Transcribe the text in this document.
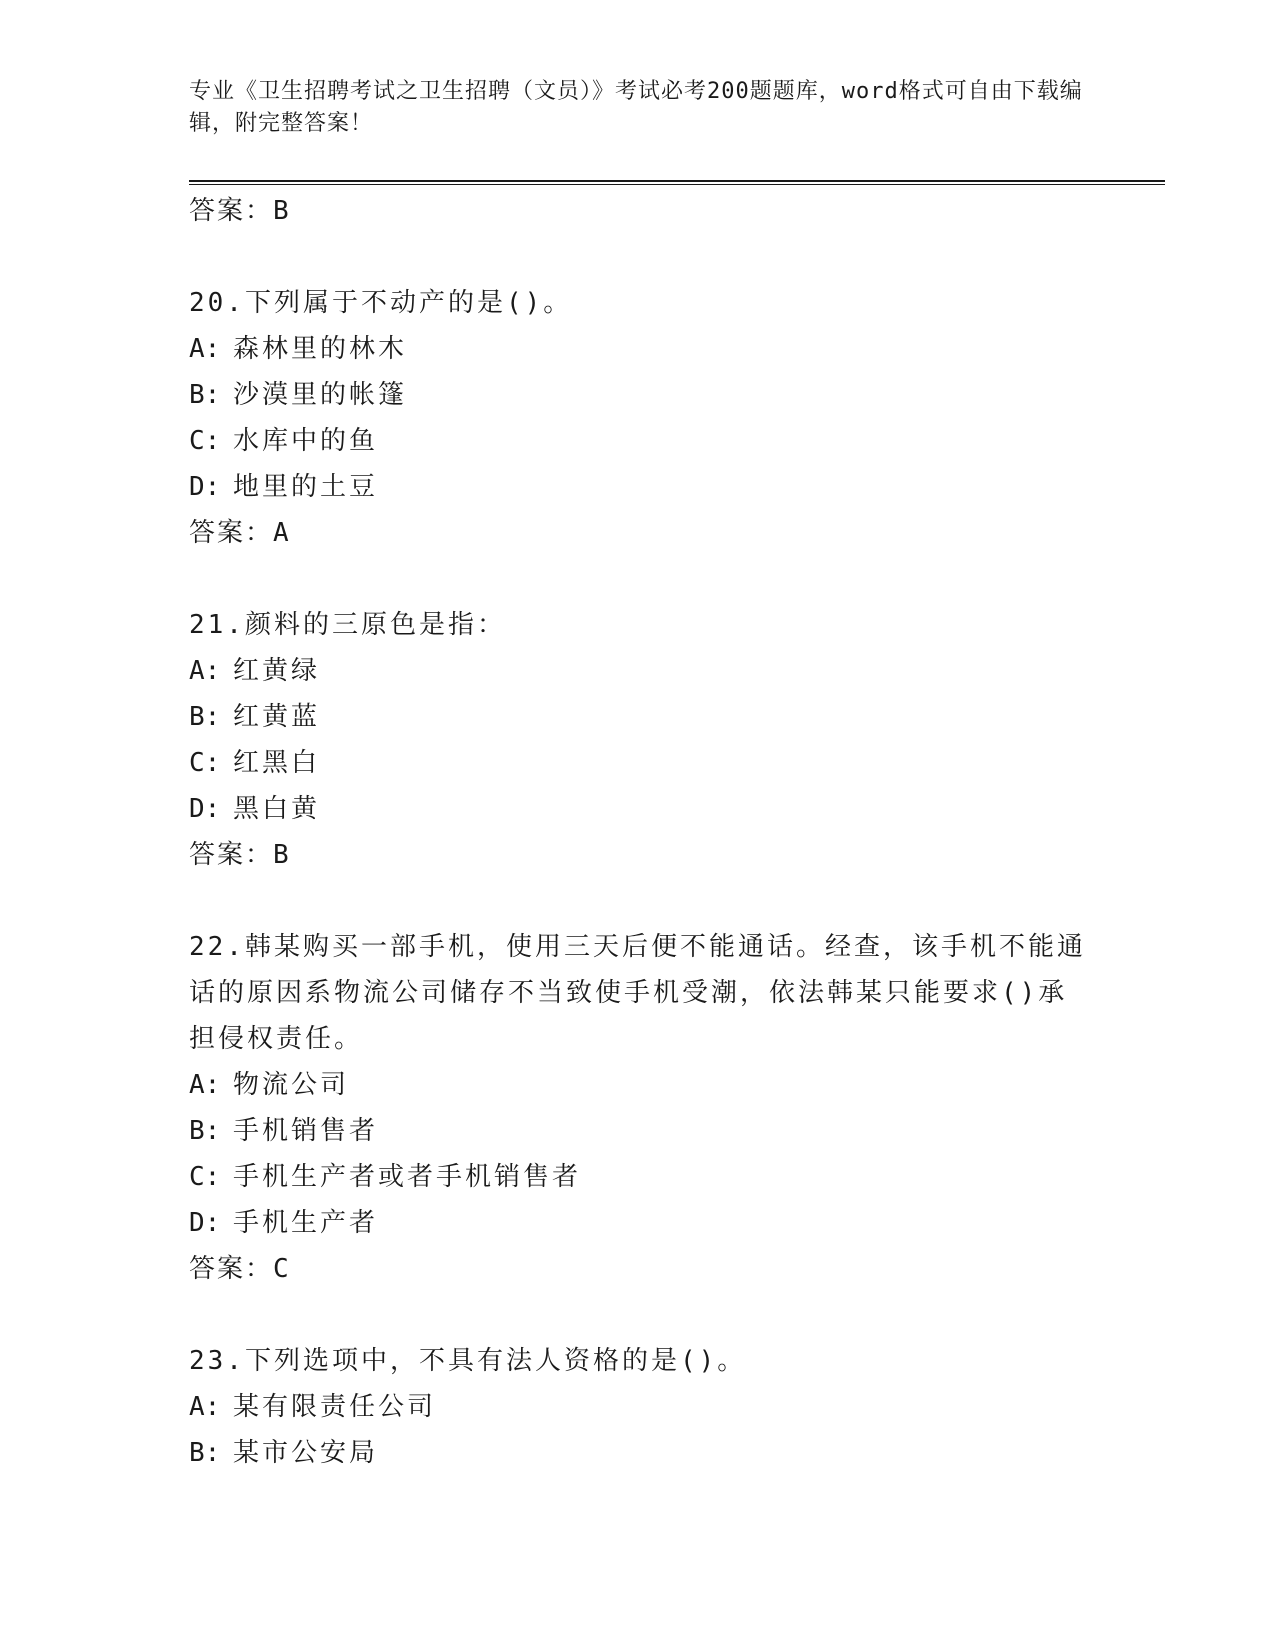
专业《卫生招聘考试之卫生招聘（文员）》考试必考200题题库，word格式可自由下载编辑，附完整答案！
答案：B
20.下列属于不动产的是()。
A: 森林里的林木
B: 沙漠里的帐篷
C: 水库中的鱼
D: 地里的土豆
答案：A
21.颜料的三原色是指：
A: 红黄绿
B: 红黄蓝
C: 红黑白
D: 黑白黄
答案：B
22.韩某购买一部手机，使用三天后便不能通话。经查，该手机不能通话的原因系物流公司储存不当致使手机受潮，依法韩某只能要求()承担侵权责任。
A: 物流公司
B: 手机销售者
C: 手机生产者或者手机销售者
D: 手机生产者
答案：C
23.下列选项中，不具有法人资格的是()。
A: 某有限责任公司
B: 某市公安局
